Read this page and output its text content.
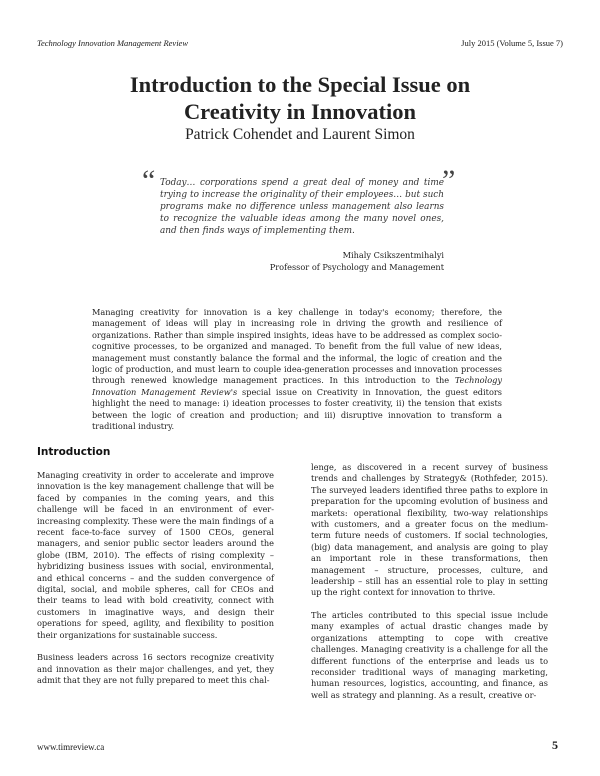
Technology Innovation Management Review	July 2015 (Volume 5, Issue 7)
Introduction to the Special Issue on
Creativity in Innovation
Patrick Cohendet and Laurent Simon
“	”
Today… corporations spend a great deal of money and time trying to increase the originality of their employees… but such programs make no difference unless management also learns to recognize the valuable ideas among the many novel ones, and then finds ways of implementing them.
Mihaly Csikszentmihalyi
Professor of Psychology and Management
Managing creativity for innovation is a key challenge in today's economy; therefore, the management of ideas will play in increasing role in driving the growth and resilience of organizations. Rather than simple inspired insights, ideas have to be addressed as complex socio-cognitive processes, to be organized and managed. To benefit from the full value of new ideas, management must constantly balance the formal and the informal, the logic of creation and the logic of production, and must learn to couple idea-generation processes and innovation processes through renewed knowledge management practices. In this introduction to the Technology Innovation Management Review's special issue on Creativity in Innovation, the guest editors highlight the need to manage: i) ideation processes to foster creativity, ii) the tension that exists between the logic of creation and production; and iii) disruptive innovation to transform a traditional industry.
Introduction

Managing creativity in order to accelerate and improve innovation is the key management challenge that will be faced by companies in the coming years, and this challenge will be faced in an environment of ever-increasing complexity. These were the main findings of a recent face-to-face survey of 1500 CEOs, general managers, and senior public sector leaders around the globe (IBM, 2010). The effects of rising complexity – hybridizing business issues with social, environmental, and ethical concerns – and the sudden convergence of digital, social, and mobile spheres, call for CEOs and their teams to lead with bold creativity, connect with customers in imaginative ways, and design their operations for speed, agility, and flexibility to position their organizations for sustainable success.

Business leaders across 16 sectors recognize creativity and innovation as their major challenges, and yet, they admit that they are not fully prepared to meet this chal-

lenge, as discovered in a recent survey of business trends and challenges by Strategy& (Rothfeder, 2015). The surveyed leaders identified three paths to explore in preparation for the upcoming evolution of business and markets: operational flexibility, two-way relationships with customers, and a greater focus on the medium-term future needs of customers. If social technologies, (big) data management, and analysis are going to play an important role in these transformations, then management – structure, processes, culture, and leadership – still has an essential role to play in setting up the right context for innovation to thrive.

The articles contributed to this special issue include many examples of actual drastic changes made by organizations attempting to cope with creative challenges. Managing creativity is a challenge for all the different functions of the enterprise and leads us to reconsider traditional ways of managing marketing, human resources, logistics, accounting, and finance, as well as strategy and planning. As a result, creative or-

www.timreview.ca	5
